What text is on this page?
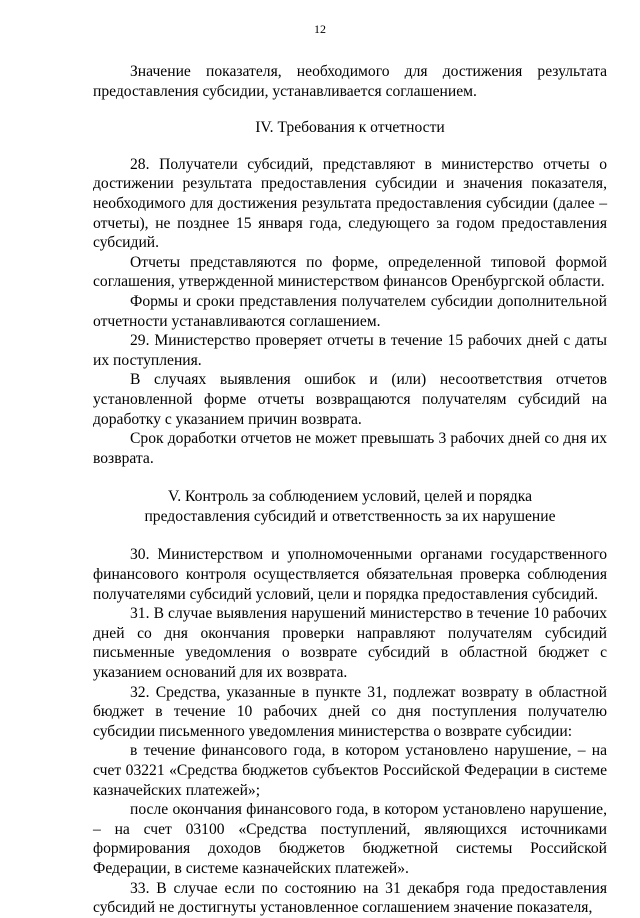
12

Значение показателя, необходимого для достижения результата предоставления субсидии, устанавливается соглашением.

IV. Требования к отчетности

28. Получатели субсидий, представляют в министерство отчеты о достижении результата предоставления субсидии и значения показателя, необходимого для достижения результата предоставления субсидии (далее – отчеты), не позднее 15 января года, следующего за годом предоставления субсидий.

Отчеты представляются по форме, определенной типовой формой соглашения, утвержденной министерством финансов Оренбургской области.

Формы и сроки представления получателем субсидии дополнительной отчетности устанавливаются соглашением.

29. Министерство проверяет отчеты в течение 15 рабочих дней с даты их поступления.

В случаях выявления ошибок и (или) несоответствия отчетов установленной форме отчеты возвращаются получателям субсидий на доработку с указанием причин возврата.

Срок доработки отчетов не может превышать 3 рабочих дней со дня их возврата.

V. Контроль за соблюдением условий, целей и порядка
предоставления субсидий и ответственность за их нарушение

30. Министерством и уполномоченными органами государственного финансового контроля осуществляется обязательная проверка соблюдения получателями субсидий условий, цели и порядка предоставления субсидий.

31. В случае выявления нарушений министерство в течение 10 рабочих дней со дня окончания проверки направляют получателям субсидий письменные уведомления о возврате субсидий в областной бюджет с указанием оснований для их возврата.

32. Средства, указанные в пункте 31, подлежат возврату в областной бюджет в течение 10 рабочих дней со дня поступления получателю субсидии письменного уведомления министерства о возврате субсидии:

в течение финансового года, в котором установлено нарушение, – на счет 03221 «Средства бюджетов субъектов Российской Федерации в системе казначейских платежей»;

после окончания финансового года, в котором установлено нарушение, – на счет 03100 «Средства поступлений, являющихся источниками формирования доходов бюджетов бюджетной системы Российской Федерации, в системе казначейских платежей».

33. В случае если по состоянию на 31 декабря года предоставления субсидий не достигнуты установленное соглашением значение показателя,
